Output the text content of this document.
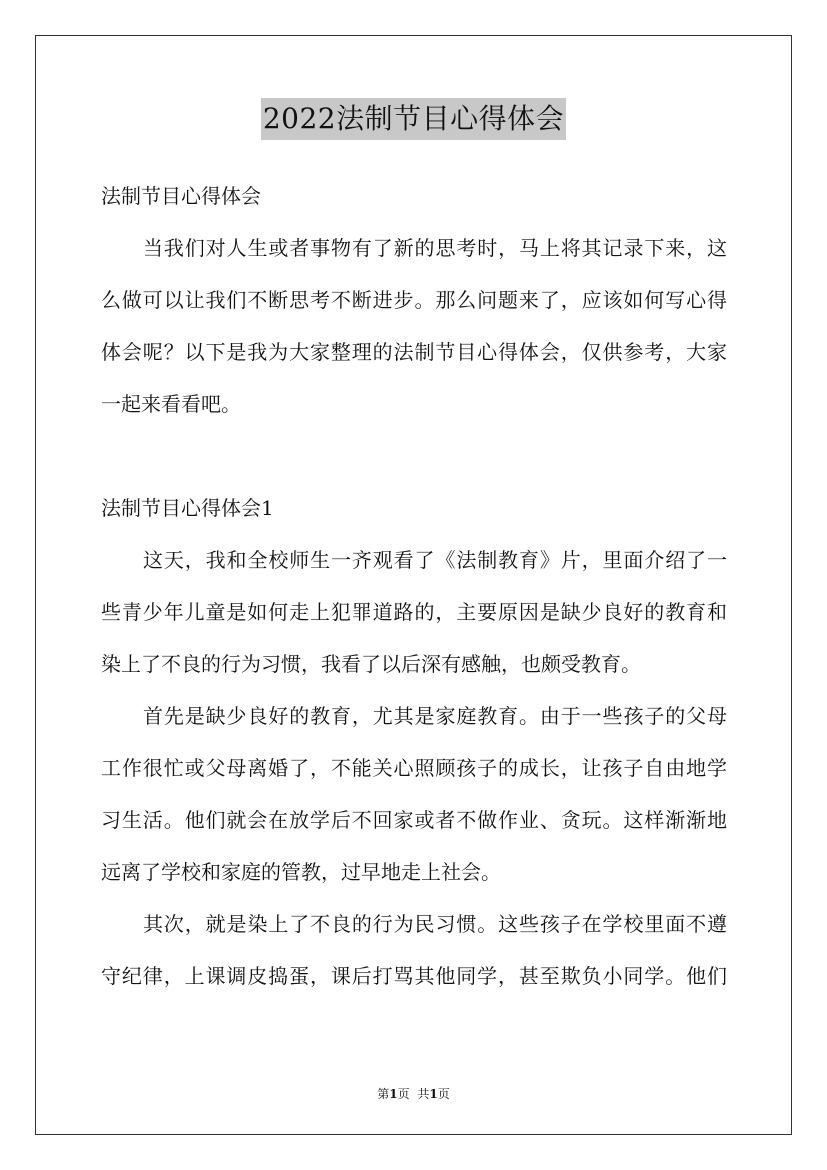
2022法制节目心得体会
法制节目心得体会
当我们对人生或者事物有了新的思考时，马上将其记录下来，这
么做可以让我们不断思考不断进步。那么问题来了，应该如何写心得
体会呢？以下是我为大家整理的法制节目心得体会，仅供参考，大家
一起来看看吧。
法制节目心得体会1
这天，我和全校师生一齐观看了《法制教育》片，里面介绍了一
些青少年儿童是如何走上犯罪道路的，主要原因是缺少良好的教育和
染上了不良的行为习惯，我看了以后深有感触，也颇受教育。
首先是缺少良好的教育，尤其是家庭教育。由于一些孩子的父母
工作很忙或父母离婚了，不能关心照顾孩子的成长，让孩子自由地学
习生活。他们就会在放学后不回家或者不做作业、贪玩。这样渐渐地
远离了学校和家庭的管教，过早地走上社会。
其次，就是染上了不良的行为民习惯。这些孩子在学校里面不遵
守纪律，上课调皮捣蛋，课后打骂其他同学，甚至欺负小同学。他们
第1页 共1页
